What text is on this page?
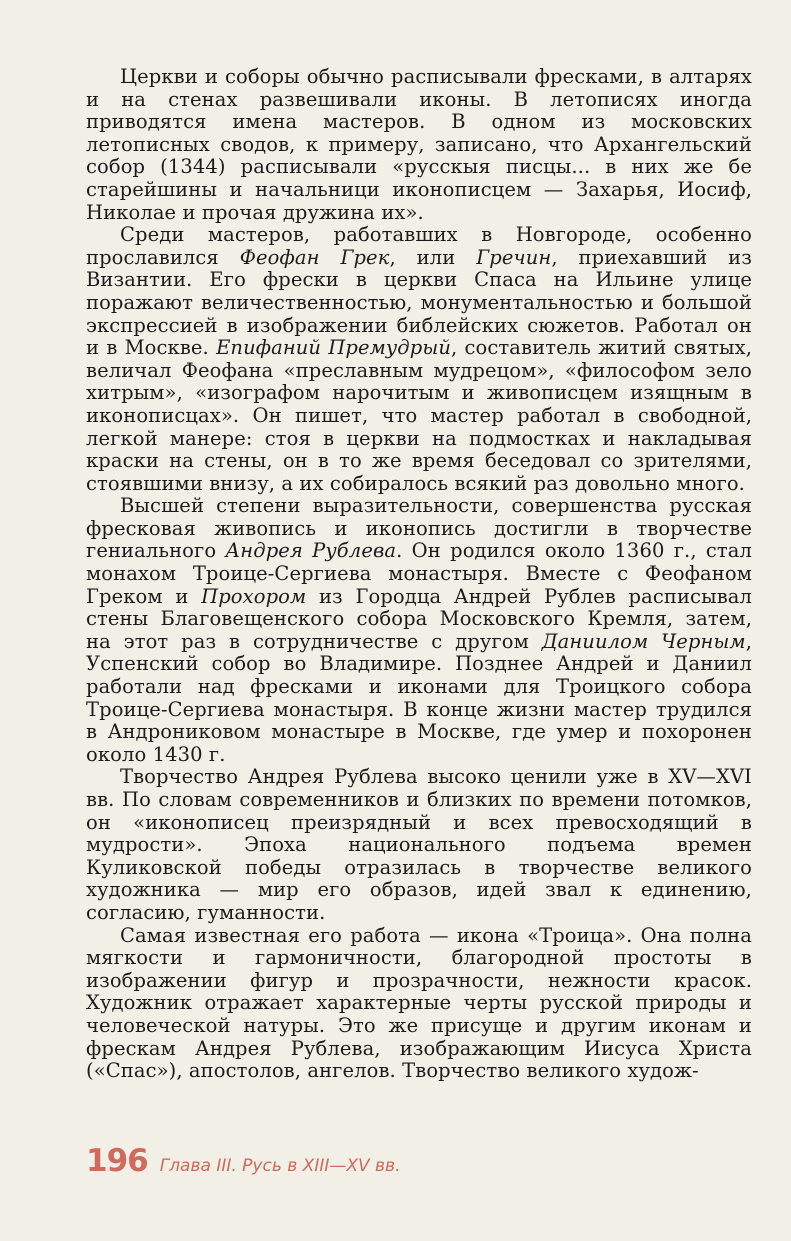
Церкви и соборы обычно расписывали фресками, в алтарях и на стенах развешивали иконы. В летописях иногда приводятся имена мастеров. В одном из московских летописных сводов, к примеру, записано, что Архангельский собор (1344) расписывали «русскыя писцы... в них же бе старейшины и начальници иконописцем — Захарья, Иосиф, Николае и прочая дружина их».

Среди мастеров, работавших в Новгороде, особенно прославился Феофан Грек, или Гречин, приехавший из Византии. Его фрески в церкви Спаса на Ильине улице поражают величественностью, монументальностью и большой экспрессией в изображении библейских сюжетов. Работал он и в Москве. Епифаний Премудрый, составитель житий святых, величал Феофана «преславным мудрецом», «философом зело хитрым», «изографом нарочитым и живописцем изящным в иконописцах». Он пишет, что мастер работал в свободной, легкой манере: стоя в церкви на подмостках и накладывая краски на стены, он в то же время беседовал со зрителями, стоявшими внизу, а их собиралось всякий раз довольно много.

Высшей степени выразительности, совершенства русская фресковая живопись и иконопись достигли в творчестве гениального Андрея Рублева. Он родился около 1360 г., стал монахом Троице-Сергиева монастыря. Вместе с Феофаном Греком и Прохором из Городца Андрей Рублев расписывал стены Благовещенского собора Московского Кремля, затем, на этот раз в сотрудничестве с другом Даниилом Черным, Успенский собор во Владимире. Позднее Андрей и Даниил работали над фресками и иконами для Троицкого собора Троице-Сергиева монастыря. В конце жизни мастер трудился в Андрониковом монастыре в Москве, где умер и похоронен около 1430 г.

Творчество Андрея Рублева высоко ценили уже в XV—XVI вв. По словам современников и близких по времени потомков, он «иконописец преизрядный и всех превосходящий в мудрости». Эпоха национального подъема времен Куликовской победы отразилась в творчестве великого художника — мир его образов, идей звал к единению, согласию, гуманности.

Самая известная его работа — икона «Троица». Она полна мягкости и гармоничности, благородной простоты в изображении фигур и прозрачности, нежности красок. Художник отражает характерные черты русской природы и человеческой натуры. Это же присуще и другим иконам и фрескам Андрея Рублева, изображающим Иисуса Христа («Спас»), апостолов, ангелов. Творчество великого худож-

196 Глава III. Русь в XIII—XV вв.
